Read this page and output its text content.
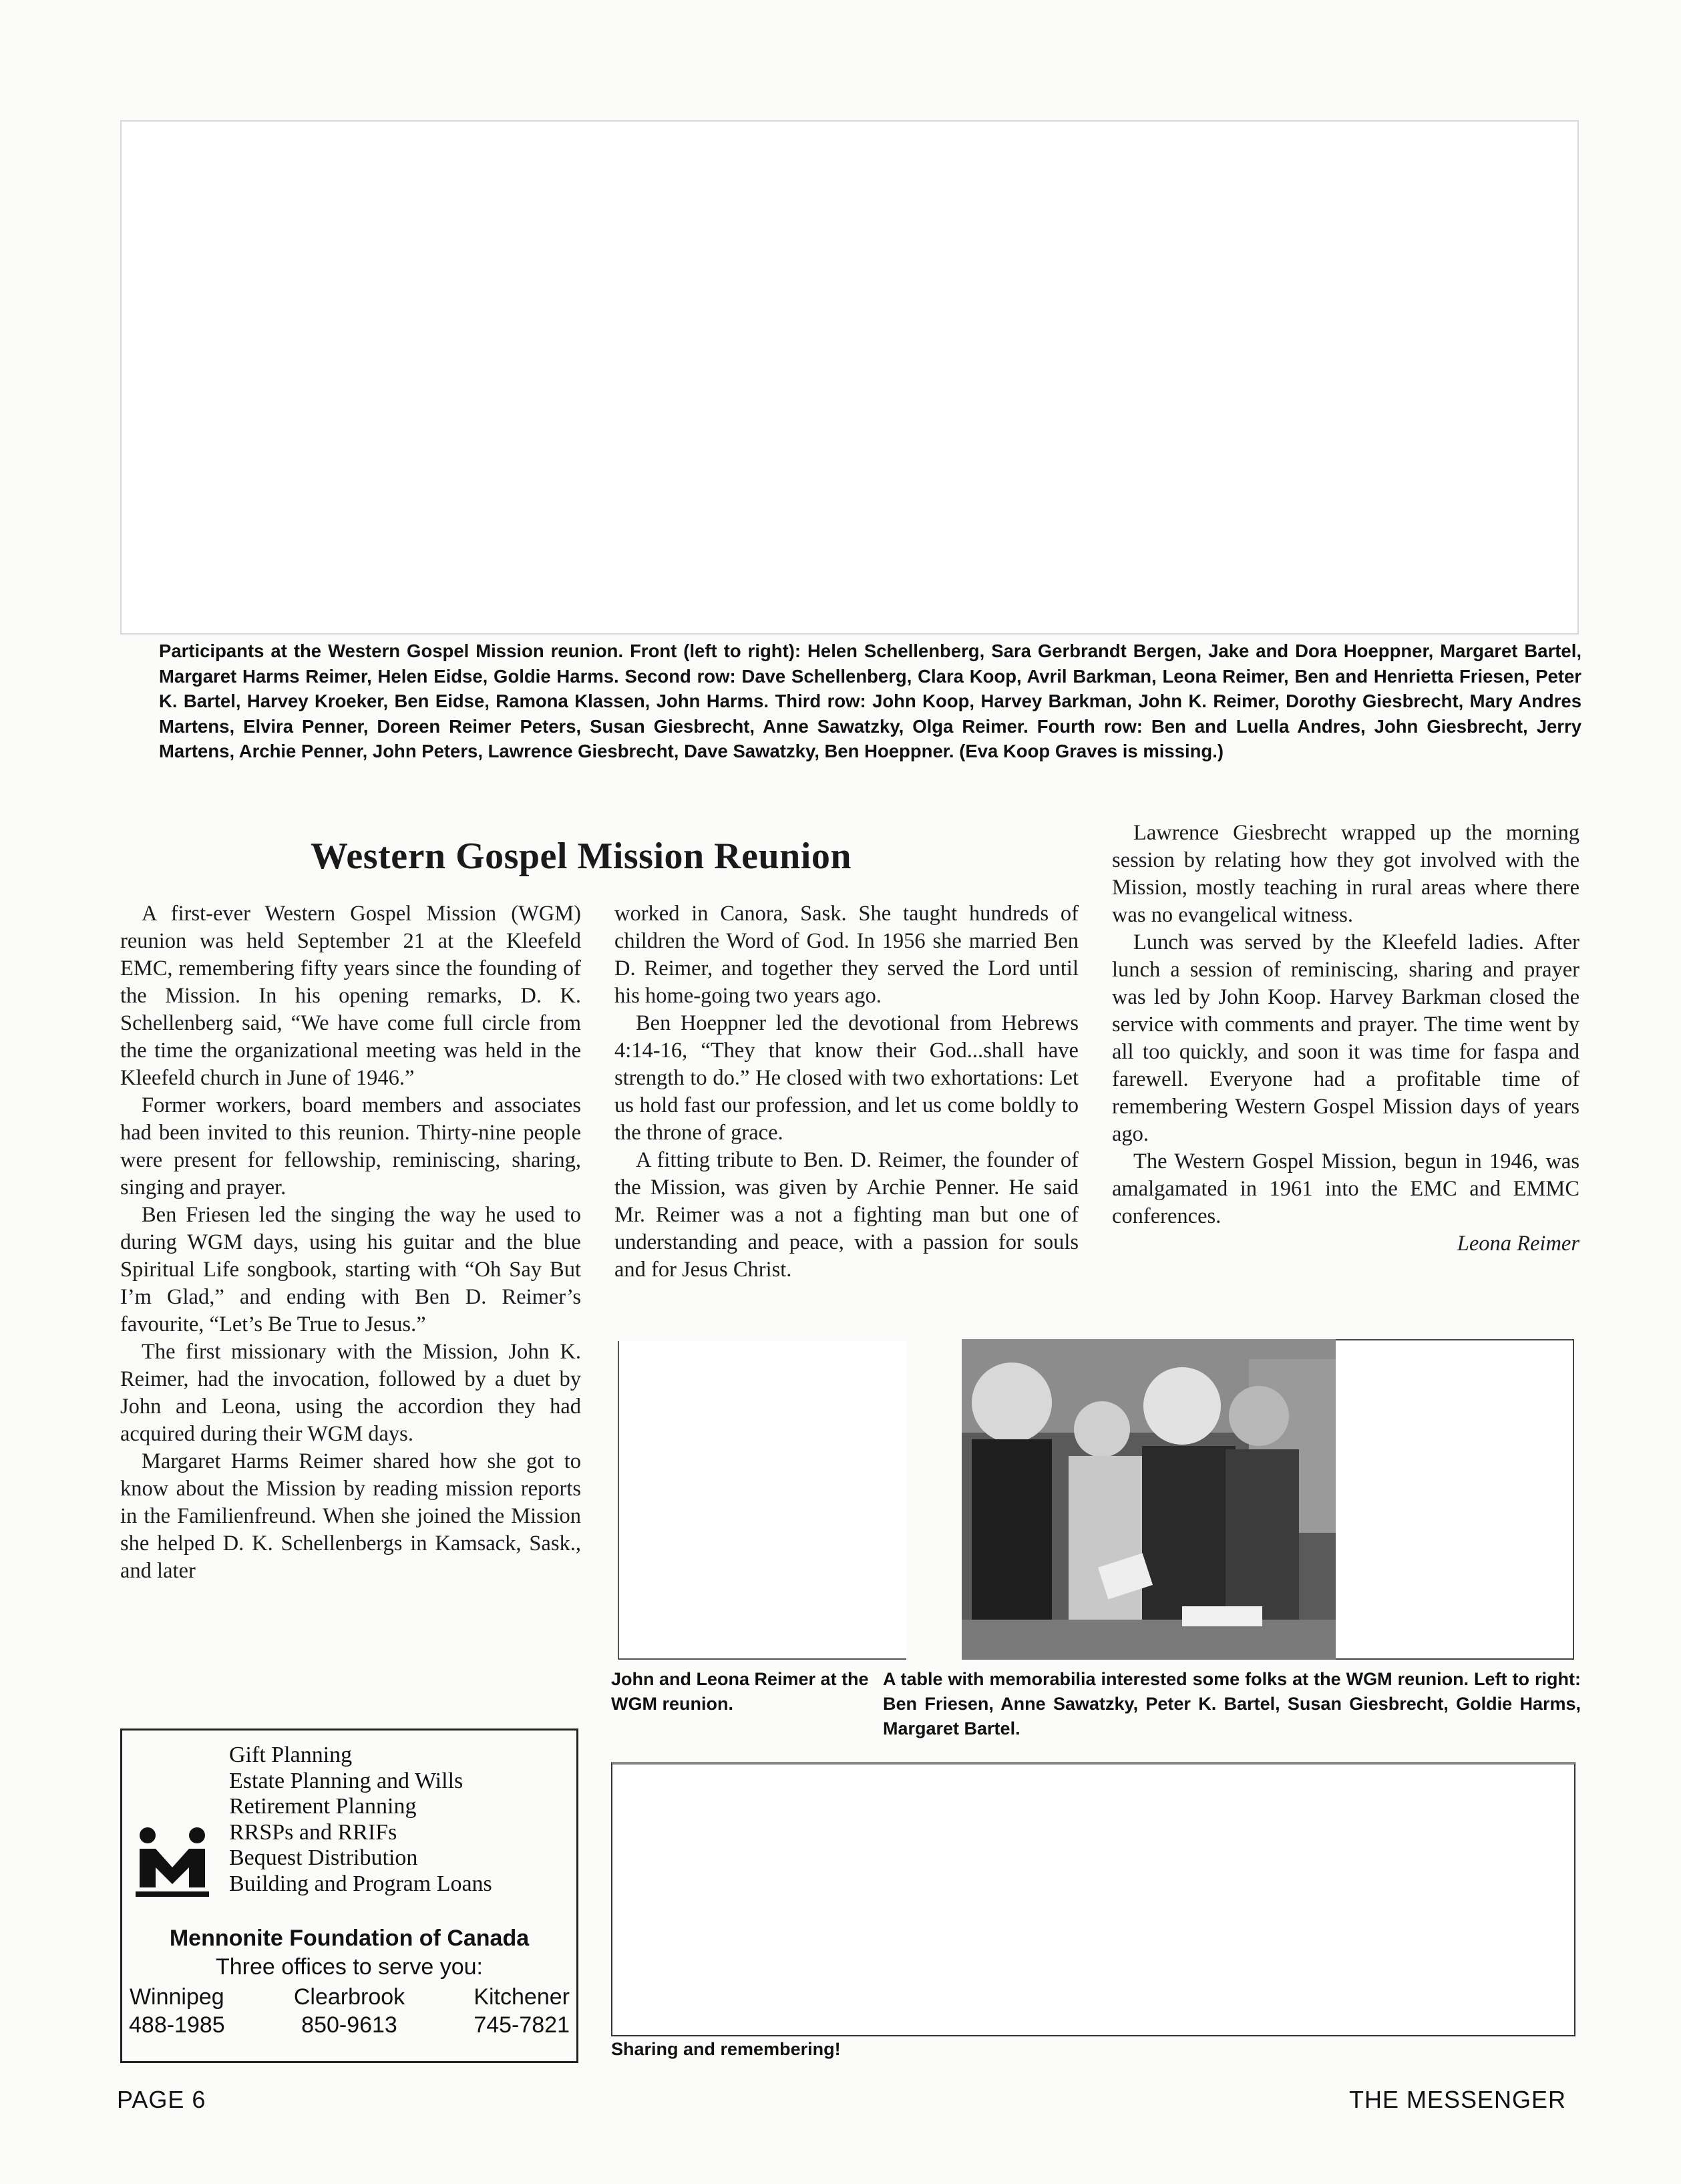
Participants at the Western Gospel Mission reunion. Front (left to right): Helen Schellenberg, Sara Gerbrandt Bergen, Jake and Dora Hoeppner, Margaret Bartel, Margaret Harms Reimer, Helen Eidse, Goldie Harms. Second row: Dave Schellenberg, Clara Koop, Avril Barkman, Leona Reimer, Ben and Henrietta Friesen, Peter K. Bartel, Harvey Kroeker, Ben Eidse, Ramona Klassen, John Harms. Third row: John Koop, Harvey Barkman, John K. Reimer, Dorothy Giesbrecht, Mary Andres Martens, Elvira Penner, Doreen Reimer Peters, Susan Giesbrecht, Anne Sawatzky, Olga Reimer. Fourth row: Ben and Luella Andres, John Giesbrecht, Jerry Martens, Archie Penner, John Peters, Lawrence Giesbrecht, Dave Sawatzky, Ben Hoeppner. (Eva Koop Graves is missing.)
Western Gospel Mission Reunion

A first-ever Western Gospel Mission (WGM) reunion was held September 21 at the Kleefeld EMC, remembering fifty years since the founding of the Mission. In his opening remarks, D. K. Schellenberg said, “We have come full circle from the time the organizational meeting was held in the Kleefeld church in June of 1946.”

Former workers, board members and associates had been invited to this reunion. Thirty-nine people were present for fellowship, reminiscing, sharing, singing and prayer.

Ben Friesen led the singing the way he used to during WGM days, using his guitar and the blue Spiritual Life songbook, starting with “Oh Say But I’m Glad,” and ending with Ben D. Reimer’s favourite, “Let’s Be True to Jesus.”

The first missionary with the Mission, John K. Reimer, had the invocation, followed by a duet by John and Leona, using the accordion they had acquired during their WGM days.

Margaret Harms Reimer shared how she got to know about the Mission by reading mission reports in the Familienfreund. When she joined the Mission she helped D. K. Schellenbergs in Kamsack, Sask., and later

worked in Canora, Sask. She taught hundreds of children the Word of God. In 1956 she married Ben D. Reimer, and together they served the Lord until his home-going two years ago.

Ben Hoeppner led the devotional from Hebrews 4:14-16, “They that know their God...shall have strength to do.” He closed with two exhortations: Let us hold fast our profession, and let us come boldly to the throne of grace.

A fitting tribute to Ben. D. Reimer, the founder of the Mission, was given by Archie Penner. He said Mr. Reimer was a not a fighting man but one of understanding and peace, with a passion for souls and for Jesus Christ.

Lawrence Giesbrecht wrapped up the morning session by relating how they got involved with the Mission, mostly teaching in rural areas where there was no evangelical witness.

Lunch was served by the Kleefeld ladies. After lunch a session of reminiscing, sharing and prayer was led by John Koop. Harvey Barkman closed the service with comments and prayer. The time went by all too quickly, and soon it was time for faspa and farewell. Everyone had a profitable time of remembering Western Gospel Mission days of years ago.

The Western Gospel Mission, begun in 1946, was amalgamated in 1961 into the EMC and EMMC conferences.

Leona Reimer

John and Leona Reimer at the WGM reunion.
A table with memorabilia interested some folks at the WGM reunion. Left to right: Ben Friesen, Anne Sawatzky, Peter K. Bartel, Susan Giesbrecht, Goldie Harms, Margaret Bartel.
Sharing and remembering!
Gift Planning
Estate Planning and Wills
Retirement Planning
RRSPs and RRIFs
Bequest Distribution
Building and Program Loans
Mennonite Foundation of Canada
Three offices to serve you:
Winnipeg
488-1985
Clearbrook
850-9613
Kitchener
745-7821
PAGE 6	THE MESSENGER
